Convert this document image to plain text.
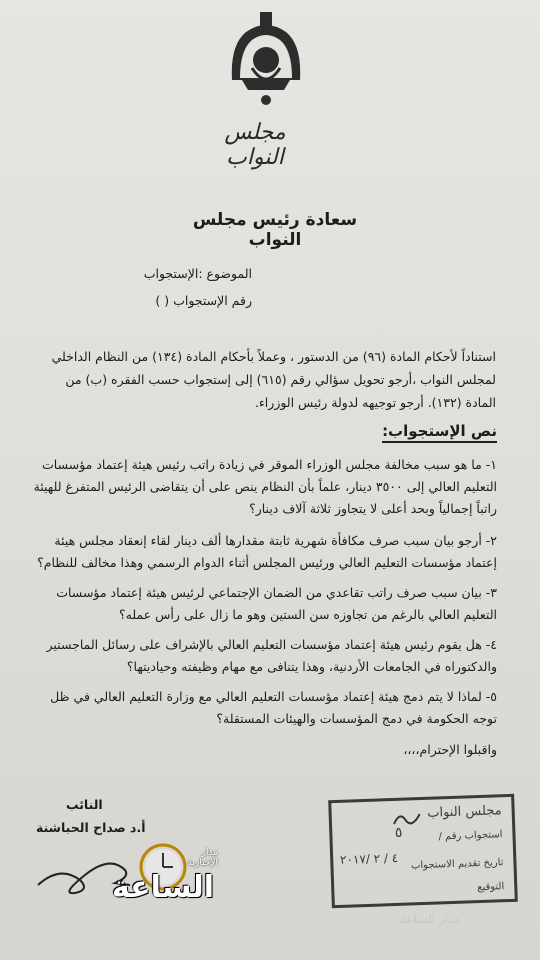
مجلس النواب
سعادة رئيس مجلس النواب
الموضوع :الإستجواب
رقم الإستجواب ( )
استناداً لأحكام المادة (٩٦) من الدستور ، وعملاً بأحكام المادة (١٣٤) من النظام الداخلي لمجلس النواب ،أرجو تحويل سؤالي رقم (٦١٥) إلى إستجواب حسب الفقره (ب) من المادة (١٣٢). أرجو توجيهه لدولة رئيس الوزراء.
نص الإستجواب:
١- ما هو سبب مخالفة مجلس الوزراء الموقر في زيادة راتب رئيس هيئة إعتماد مؤسسات التعليم العالي إلى ٣٥٠٠ دينار، علماً بأن النظام ينص على أن يتقاضى الرئيس المتفرغ للهيئة راتباً إجمالياً وبحد أعلى لا يتجاوز ثلاثة آلاف دينار؟
٢- أرجو بيان سبب صرف مكافأة شهرية ثابتة مقدارها ألف دينار لقاء إنعقاد مجلس هيئة إعتماد مؤسسات التعليم العالي ورئيس المجلس أثناء الدوام الرسمي وهذا مخالف للنظام؟
٣- بيان سبب صرف راتب تقاعدي من الضمان الإجتماعي لرئيس هيئة إعتماد مؤسسات التعليم العالي بالرغم من تجاوزه سن الستين وهو ما زال على رأس عمله؟
٤- هل يقوم رئيس هيئة إعتماد مؤسسات التعليم العالي بالإشراف على رسائل الماجستير والدكتوراه في الجامعات الأردنية، وهذا يتنافى مع مهام وظيفته وحياديتها؟
٥- لماذا لا يتم دمج هيئة إعتماد مؤسسات التعليم العالي مع وزارة التعليم العالي في ظل توجه الحكومة في دمج المؤسسات والهيئات المستقلة؟
واقبلوا الإحترام،،،،
النائب
أ.د صداح الحباشنة
مجلس النواب
استجواب رقم /
٥
تاريخ تقديم الاستجواب
٤ / ٢ /٢٠١٧
التوقيع
مدار الإخبارية
الساعة
مدار الساعة
